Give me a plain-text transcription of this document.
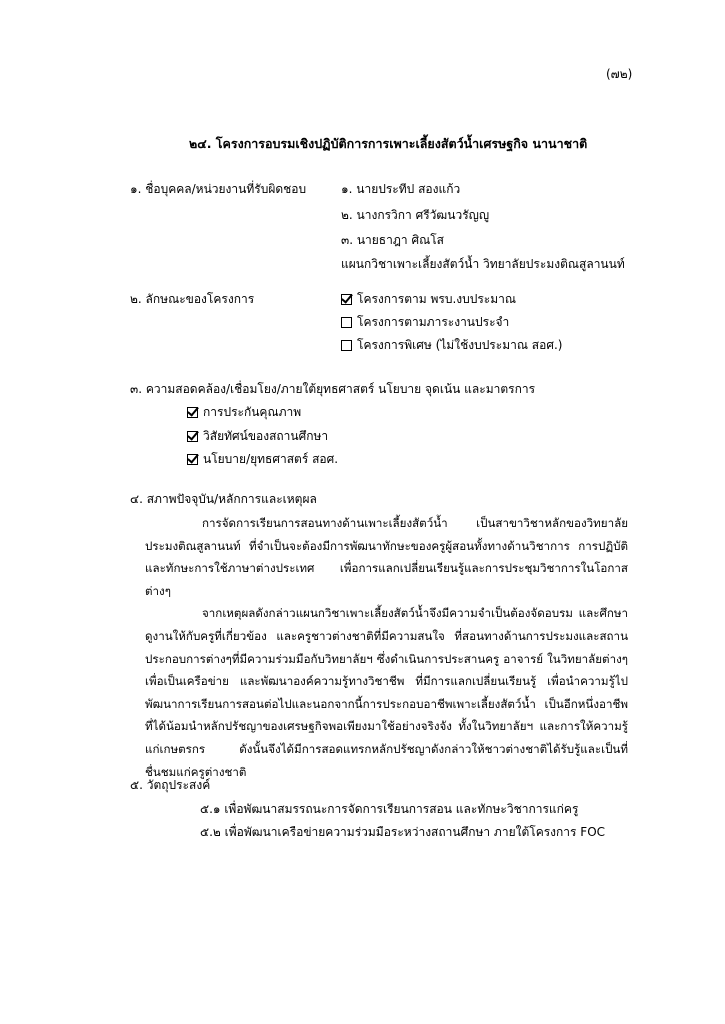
(๗๒)
๒๔. โครงการอบรมเชิงปฏิบัติการการเพาะเลี้ยงสัตว์น้ำเศรษฐกิจ นานาชาติ
๑. ชื่อบุคคล/หน่วยงานที่รับผิดชอบ	๑. นายประทีป สองแก้ว
๒. นางกรวิกา ศรีวัฒนวรัญญู
๓. นายธาฎา ศิณโส
แผนกวิชาเพาะเลี้ยงสัตว์น้ำ วิทยาลัยประมงติณสูลานนท์
๒. ลักษณะของโครงการ	โครงการตาม พรบ.งบประมาณ
โครงการตามภาระงานประจำ
โครงการพิเศษ (ไม่ใช้งบประมาณ สอศ.)
๓. ความสอดคล้อง/เชื่อมโยง/ภายใต้ยุทธศาสตร์ นโยบาย จุดเน้น และมาตรการ
การประกันคุณภาพ
วิสัยทัศน์ของสถานศึกษา
นโยบาย/ยุทธศาสตร์ สอศ.
๔. สภาพปัจจุบัน/หลักการและเหตุผล

การจัดการเรียนการสอนทางด้านเพาะเลี้ยงสัตว์น้ำ เป็นสาขาวิชาหลักของวิทยาลัยประมงติณสูลานนท์ ที่จำเป็นจะต้องมีการพัฒนาทักษะของครูผู้สอนทั้งทางด้านวิชาการ การปฏิบัติ และทักษะการใช้ภาษาต่างประเทศ เพื่อการแลกเปลี่ยนเรียนรู้และการประชุมวิชาการในโอกาสต่างๆ

จากเหตุผลดังกล่าวแผนกวิชาเพาะเลี้ยงสัตว์น้ำจึงมีความจำเป็นต้องจัดอบรม และศึกษาดูงานให้กับครูที่เกี่ยวข้อง และครูชาวต่างชาติที่มีความสนใจ ที่สอนทางด้านการประมงและสถานประกอบการต่างๆที่มีความร่วมมือกับวิทยาลัยฯ ซึ่งดำเนินการประสานครู อาจารย์ ในวิทยาลัยต่างๆ เพื่อเป็นเครือข่าย และพัฒนาองค์ความรู้ทางวิชาชีพ ที่มีการแลกเปลี่ยนเรียนรู้ เพื่อนำความรู้ไปพัฒนาการเรียนการสอนต่อไปและนอกจากนี้การประกอบอาชีพเพาะเลี้ยงสัตว์น้ำ เป็นอีกหนึ่งอาชีพที่ได้น้อมนำหลักปรัชญาของเศรษฐกิจพอเพียงมาใช้อย่างจริงจัง ทั้งในวิทยาลัยฯ และการให้ความรู้แก่เกษตรกร ดังนั้นจึงได้มีการสอดแทรกหลักปรัชญาดังกล่าวให้ชาวต่างชาติได้รับรู้และเป็นที่ชื่นชมแก่ครูต่างชาติ

๕. วัตถุประสงค์
๕.๑ เพื่อพัฒนาสมรรถนะการจัดการเรียนการสอน และทักษะวิชาการแก่ครู
๕.๒ เพื่อพัฒนาเครือข่ายความร่วมมือระหว่างสถานศึกษา ภายใต้โครงการ FOC
